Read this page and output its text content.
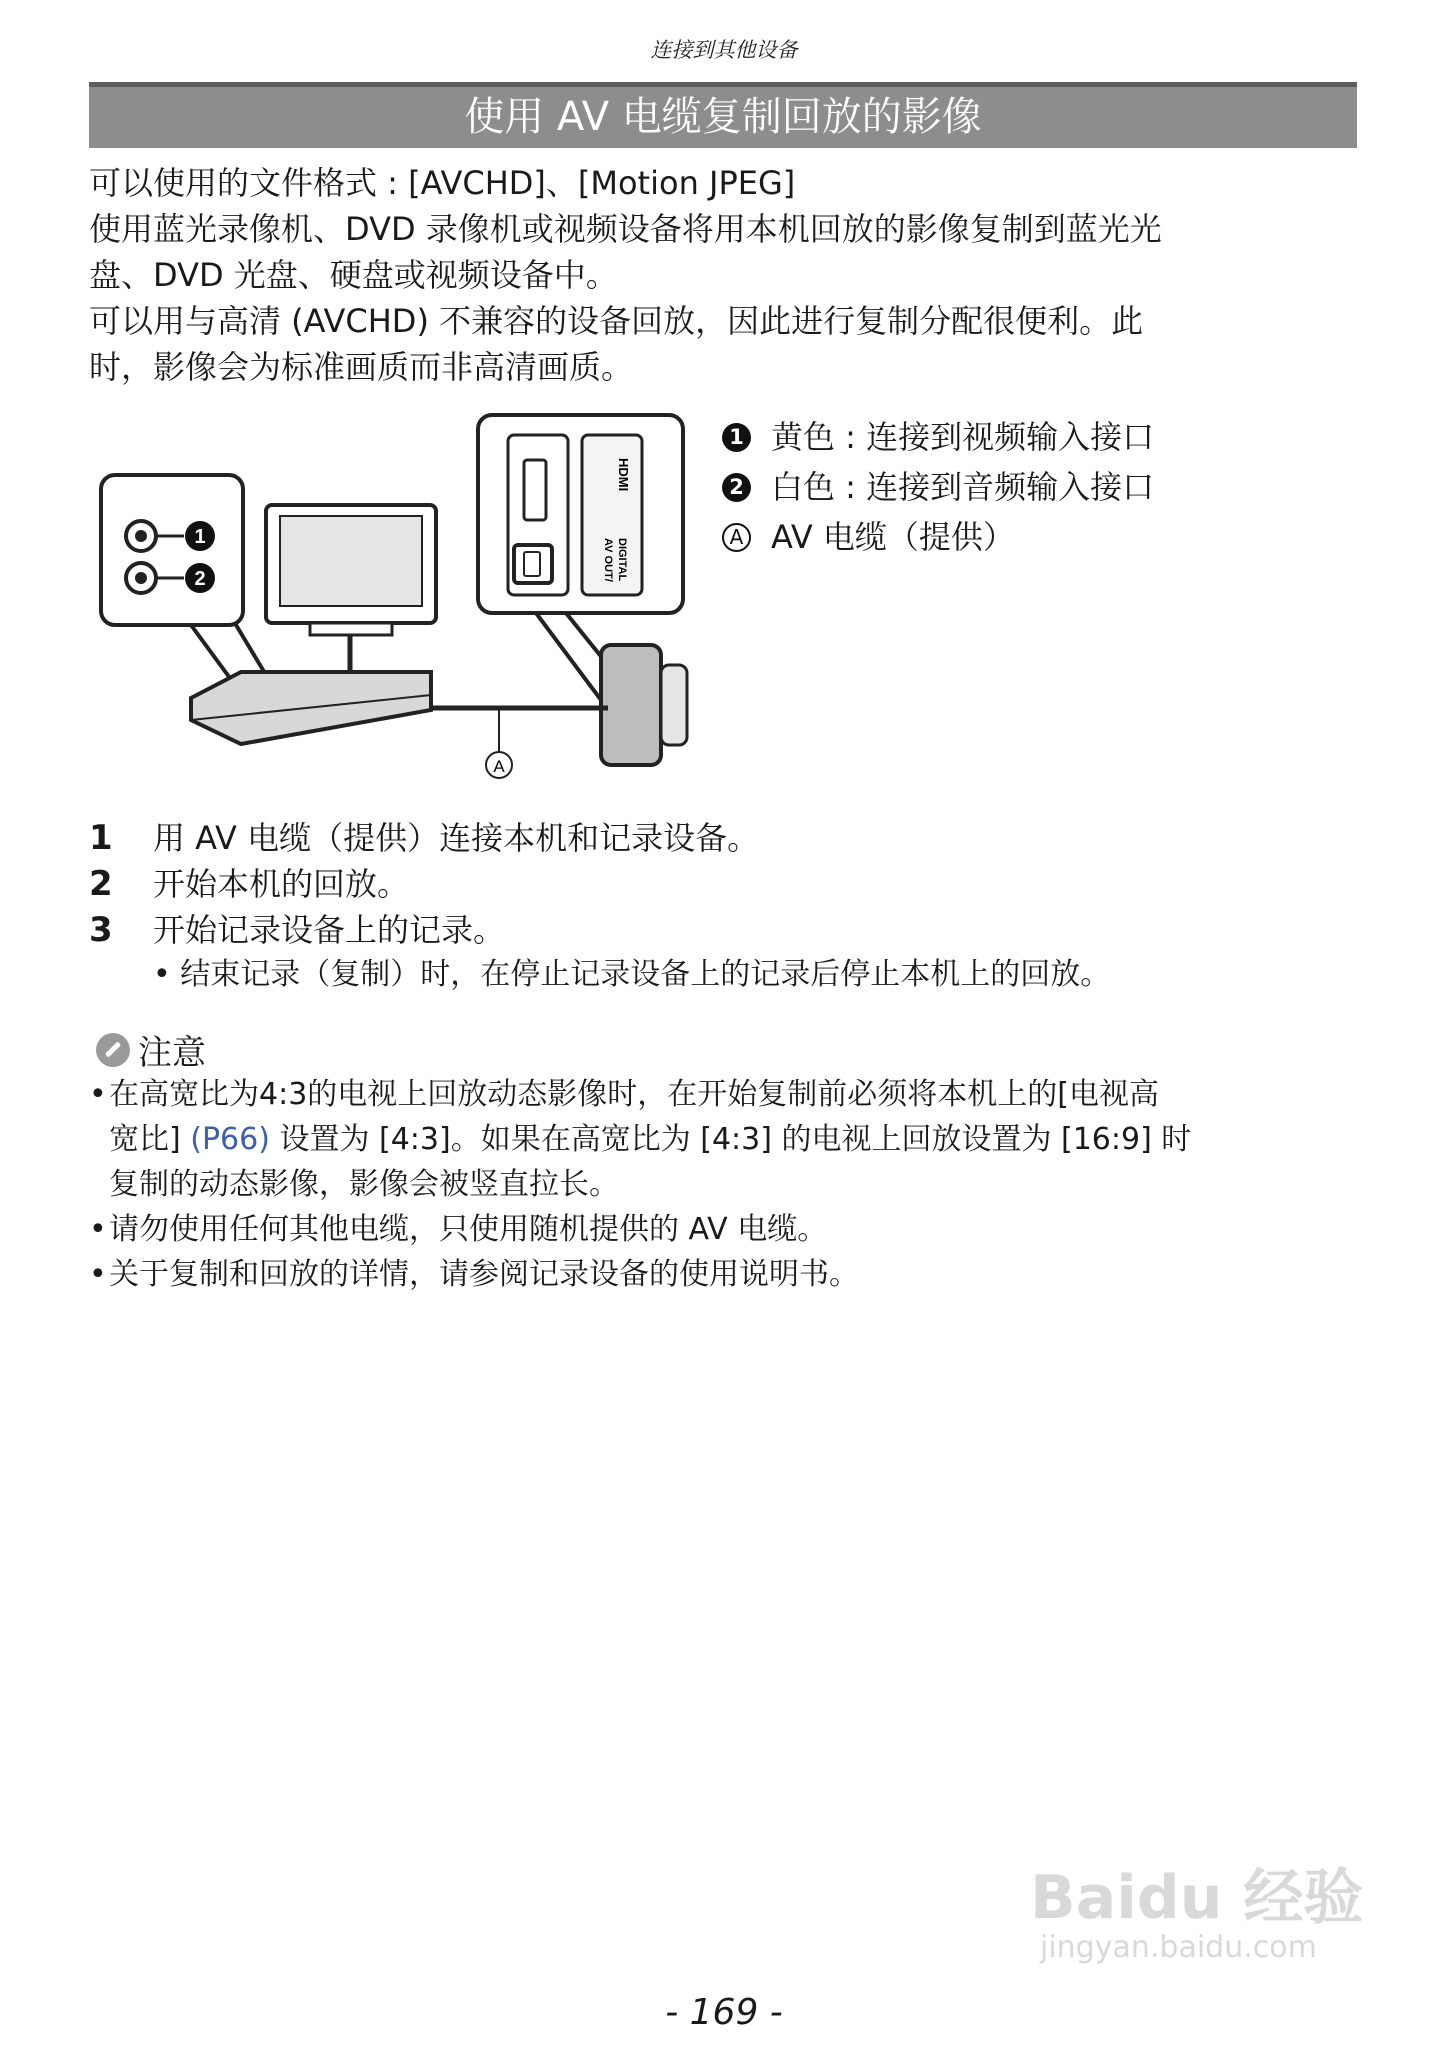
连接到其他设备
使用 AV 电缆复制回放的影像

可以使用的文件格式 : [AVCHD]、[Motion JPEG]

使用蓝光录像机、DVD 录像机或视频设备将用本机回放的影像复制到蓝光光

盘、DVD 光盘、硬盘或视频设备中。

可以用与高清 (AVCHD) 不兼容的设备回放，因此进行复制分配很便利。此

时，影像会为标准画质而非高清画质。

1
2
HDMI
AV OUT/ DIGITAL
A
1 黄色 : 连接到视频输入接口
2 白色 : 连接到音频输入接口
A AV 电缆（提供）
1	用 AV 电缆（提供）连接本机和记录设备。
2	开始本机的回放。
3	开始记录设备上的记录。
• 结束记录（复制）时，在停止记录设备上的记录后停止本机上的回放。
注意
• 在高宽比为4:3的电视上回放动态影像时，在开始复制前必须将本机上的[电视高
宽比] (P66) 设置为 [4:3]。如果在高宽比为 [4:3] 的电视上回放设置为 [16:9] 时
复制的动态影像，影像会被竖直拉长。
• 请勿使用任何其他电缆，只使用随机提供的 AV 电缆。
• 关于复制和回放的详情，请参阅记录设备的使用说明书。
Baidu 经验
jingyan.baidu.com
- 169 -
